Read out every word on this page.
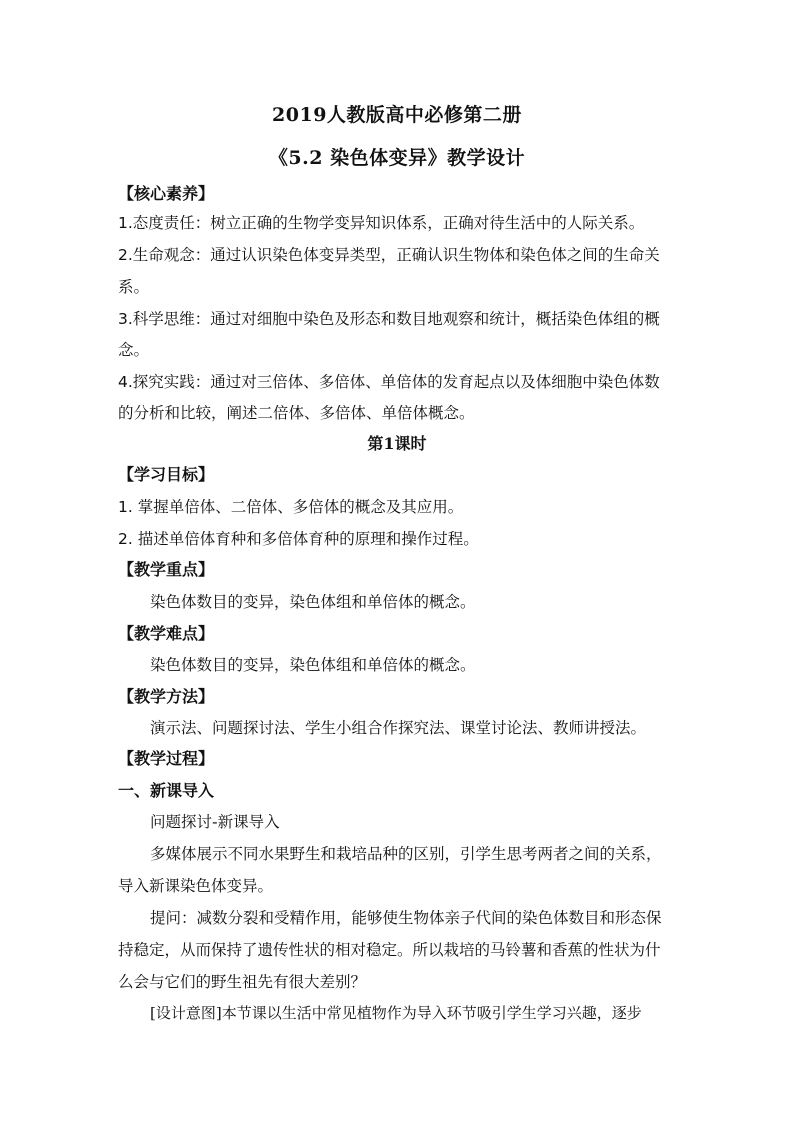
2019人教版高中必修第二册
《5.2 染色体变异》教学设计
【核心素养】
1.态度责任：树立正确的生物学变异知识体系，正确对待生活中的人际关系。
2.生命观念：通过认识染色体变异类型，正确认识生物体和染色体之间的生命关
系。
3.科学思维：通过对细胞中染色及形态和数目地观察和统计，概括染色体组的概
念。
4.探究实践：通过对三倍体、多倍体、单倍体的发育起点以及体细胞中染色体数
的分析和比较，阐述二倍体、多倍体、单倍体概念。
第1课时
【学习目标】
1. 掌握单倍体、二倍体、多倍体的概念及其应用。
2. 描述单倍体育种和多倍体育种的原理和操作过程。
【教学重点】
染色体数目的变异，染色体组和单倍体的概念。
【教学难点】
染色体数目的变异，染色体组和单倍体的概念。
【教学方法】
演示法、问题探讨法、学生小组合作探究法、课堂讨论法、教师讲授法。
【教学过程】
一、新课导入
问题探讨-新课导入
多媒体展示不同水果野生和栽培品种的区别，引学生思考两者之间的关系，
导入新课染色体变异。
提问：减数分裂和受精作用，能够使生物体亲子代间的染色体数目和形态保
持稳定，从而保持了遗传性状的相对稳定。所以栽培的马铃薯和香蕉的性状为什
么会与它们的野生祖先有很大差别？
[设计意图]本节课以生活中常见植物作为导入环节吸引学生学习兴趣，逐步
